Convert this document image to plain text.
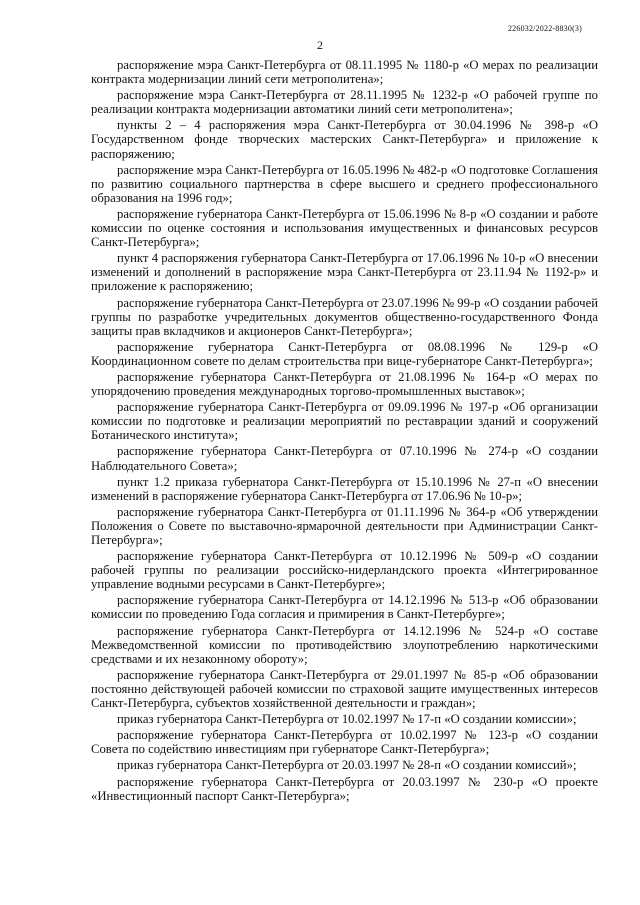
226032/2022-8830(3)
2

распоряжение мэра Санкт-Петербурга от 08.11.1995 № 1180-р «О мерах по реализации контракта модернизации линий сети метрополитена»;

распоряжение мэра Санкт-Петербурга от 28.11.1995 № 1232-р «О рабочей группе по реализации контракта модернизации автоматики линий сети метрополитена»;

пункты 2 – 4 распоряжения мэра Санкт-Петербурга от 30.04.1996 № 398-р «О Государственном фонде творческих мастерских Санкт-Петербурга» и приложение к распоряжению;

распоряжение мэра Санкт-Петербурга от 16.05.1996 № 482-р «О подготовке Соглашения по развитию социального партнерства в сфере высшего и среднего профессионального образования на 1996 год»;

распоряжение губернатора Санкт-Петербурга от 15.06.1996 № 8-р «О создании и работе комиссии по оценке состояния и использования имущественных и финансовых ресурсов Санкт-Петербурга»;

пункт 4 распоряжения губернатора Санкт-Петербурга от 17.06.1996 № 10-р «О внесении изменений и дополнений в распоряжение мэра Санкт-Петербурга от 23.11.94 № 1192-р» и приложение к распоряжению;

распоряжение губернатора Санкт-Петербурга от 23.07.1996 № 99-р «О создании рабочей группы по разработке учредительных документов общественно-государственного Фонда защиты прав вкладчиков и акционеров Санкт-Петербурга»;

распоряжение губернатора Санкт-Петербурга от 08.08.1996 № 129-р «О Координационном совете по делам строительства при вице-губернаторе Санкт-Петербурга»;

распоряжение губернатора Санкт-Петербурга от 21.08.1996 № 164-р «О мерах по упорядочению проведения международных торгово-промышленных выставок»;

распоряжение губернатора Санкт-Петербурга от 09.09.1996 № 197-р «Об организации комиссии по подготовке и реализации мероприятий по реставрации зданий и сооружений Ботанического института»;

распоряжение губернатора Санкт-Петербурга от 07.10.1996 № 274-р «О создании Наблюдательного Совета»;

пункт 1.2 приказа губернатора Санкт-Петербурга от 15.10.1996 № 27-п «О внесении изменений в распоряжение губернатора Санкт-Петербурга от 17.06.96 № 10-р»;

распоряжение губернатора Санкт-Петербурга от 01.11.1996 № 364-р «Об утверждении Положения о Совете по выставочно-ярмарочной деятельности при Администрации Санкт-Петербурга»;

распоряжение губернатора Санкт-Петербурга от 10.12.1996 № 509-р «О создании рабочей группы по реализации российско-нидерландского проекта «Интегрированное управление водными ресурсами в Санкт-Петербурге»;

распоряжение губернатора Санкт-Петербурга от 14.12.1996 № 513-р «Об образовании комиссии по проведению Года согласия и примирения в Санкт-Петербурге»;

распоряжение губернатора Санкт-Петербурга от 14.12.1996 № 524-р «О составе Межведомственной комиссии по противодействию злоупотреблению наркотическими средствами и их незаконному обороту»;

распоряжение губернатора Санкт-Петербурга от 29.01.1997 № 85-р «Об образовании постоянно действующей рабочей комиссии по страховой защите имущественных интересов Санкт-Петербурга, субъектов хозяйственной деятельности и граждан»;

приказ губернатора Санкт-Петербурга от 10.02.1997 № 17-п «О создании комиссии»;

распоряжение губернатора Санкт-Петербурга от 10.02.1997 № 123-р «О создании Совета по содействию инвестициям при губернаторе Санкт-Петербурга»;

приказ губернатора Санкт-Петербурга от 20.03.1997 № 28-п «О создании комиссий»;

распоряжение губернатора Санкт-Петербурга от 20.03.1997 № 230-р «О проекте «Инвестиционный паспорт Санкт-Петербурга»;
